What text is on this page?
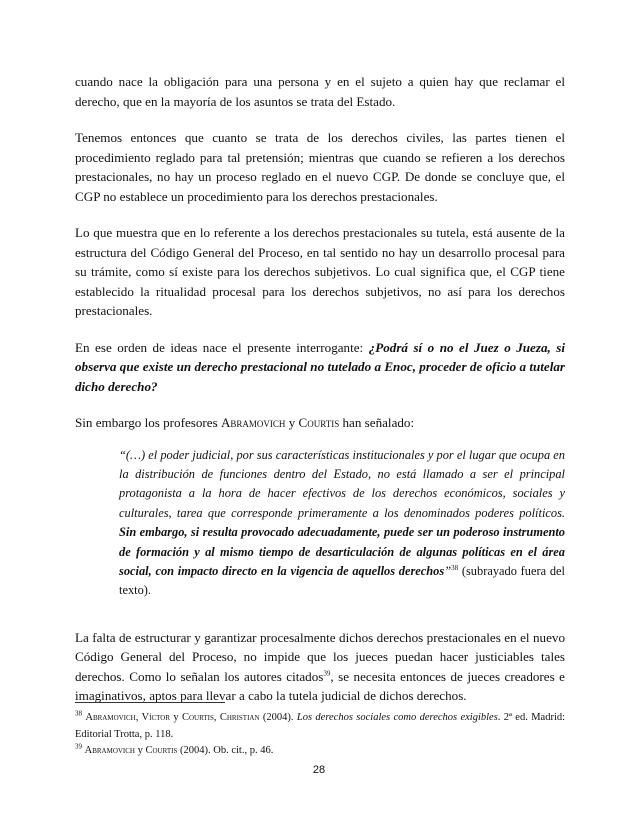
cuando nace la obligación para una persona y en el sujeto a quien hay que reclamar el derecho, que en la mayoría de los asuntos se trata del Estado.

Tenemos entonces que cuanto se trata de los derechos civiles, las partes tienen el procedimiento reglado para tal pretensión; mientras que cuando se refieren a los derechos prestacionales, no hay un proceso reglado en el nuevo CGP. De donde se concluye que, el CGP no establece un procedimiento para los derechos prestacionales.

Lo que muestra que en lo referente a los derechos prestacionales su tutela, está ausente de la estructura del Código General del Proceso, en tal sentido no hay un desarrollo procesal para su trámite, como sí existe para los derechos subjetivos. Lo cual significa que, el CGP tiene establecido la ritualidad procesal para los derechos subjetivos, no así para los derechos prestacionales.

En ese orden de ideas nace el presente interrogante: ¿Podrá sí o no el Juez o Jueza, si observa que existe un derecho prestacional no tutelado a Enoc, proceder de oficio a tutelar dicho derecho?

Sin embargo los profesores Abramovich y Courtis han señalado:

“(…) el poder judicial, por sus características institucionales y por el lugar que ocupa en la distribución de funciones dentro del Estado, no está llamado a ser el principal protagonista a la hora de hacer efectivos de los derechos económicos, sociales y culturales, tarea que corresponde primeramente a los denominados poderes políticos. Sin embargo, si resulta provocado adecuadamente, puede ser un poderoso instrumento de formación y al mismo tiempo de desarticulación de algunas políticas en el área social, con impacto directo en la vigencia de aquellos derechos”$^{38}$ (subrayado fuera del texto).

La falta de estructurar y garantizar procesalmente dichos derechos prestacionales en el nuevo Código General del Proceso, no impide que los jueces puedan hacer justiciables tales derechos. Como lo señalan los autores citados$^{39}$, se necesita entonces de jueces creadores e imaginativos, aptos para llevar a cabo la tutela judicial de dichos derechos.

$^{38}$ Abramovich, Víctor y Courtis, Christian (2004). Los derechos sociales como derechos exigibles. 2ª ed. Madrid: Editorial Trotta, p. 118.

$^{39}$ Abramovich y Courtis (2004). Ob. cit., p. 46.

28
